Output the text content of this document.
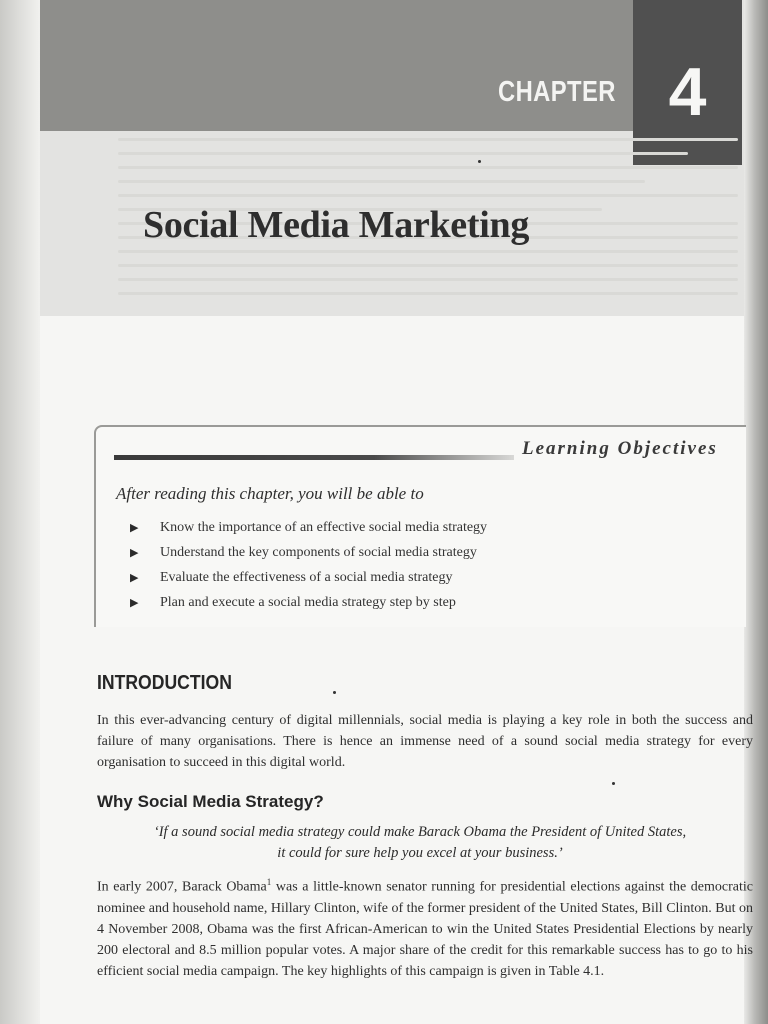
CHAPTER 4
Social Media Marketing
Learning Objectives
After reading this chapter, you will be able to
▶	Know the importance of an effective social media strategy
▶	Understand the key components of social media strategy
▶	Evaluate the effectiveness of a social media strategy
▶	Plan and execute a social media strategy step by step
INTRODUCTION

In this ever-advancing century of digital millennials, social media is playing a key role in both the success and failure of many organisations. There is hence an immense need of a sound social media strategy for every organisation to succeed in this digital world.

Why Social Media Strategy?

‘If a sound social media strategy could make Barack Obama the President of United States,
it could for sure help you excel at your business.’

In early 2007, Barack Obama$^1$ was a little-known senator running for presidential elections against the democratic nominee and household name, Hillary Clinton, wife of the former president of the United States, Bill Clinton. But on 4 November 2008, Obama was the first African-American to win the United States Presidential Elections by nearly 200 electoral and 8.5 million popular votes. A major share of the credit for this remarkable success has to go to his efficient social media campaign. The key highlights of this campaign is given in Table 4.1.
